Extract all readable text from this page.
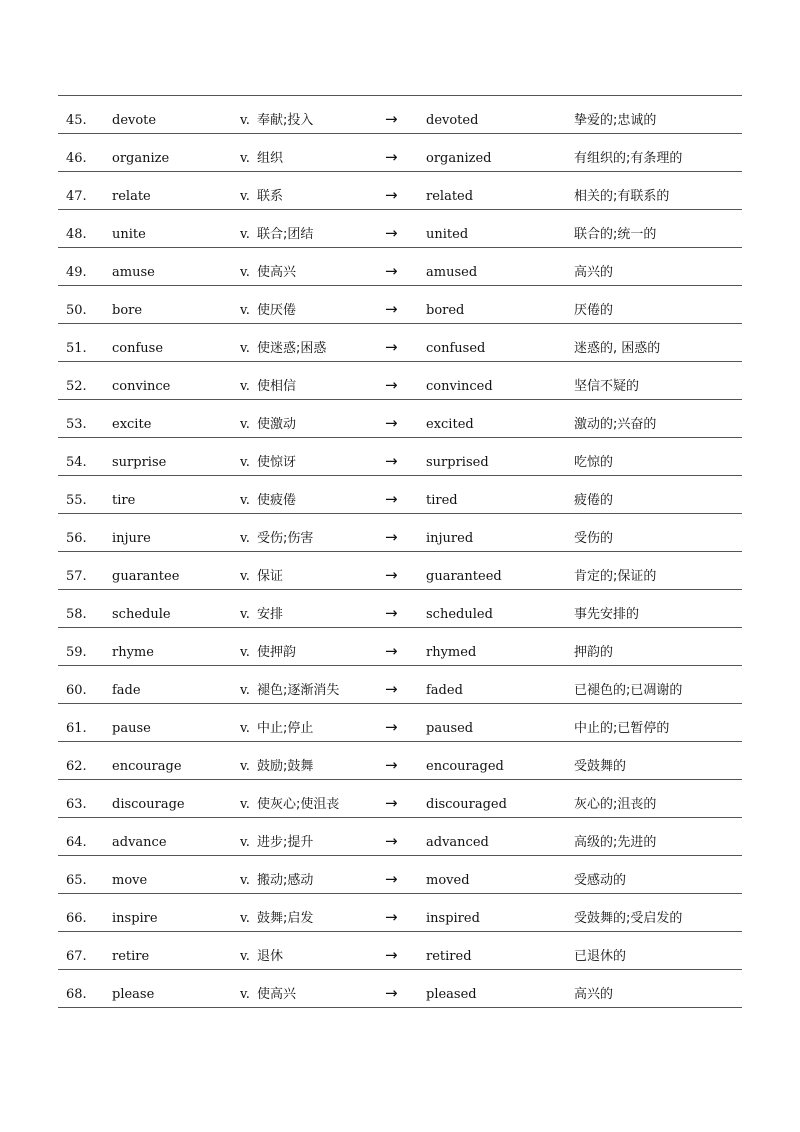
45. devote	v. 奉献;投入	→ devoted	挚爱的;忠诚的
46. organize	v. 组织	→ organized	有组织的;有条理的
47. relate	v. 联系	→ related	相关的;有联系的
48. unite	v. 联合;团结	→ united	联合的;统一的
49. amuse	v. 使高兴	→ amused	高兴的
50. bore	v. 使厌倦	→ bored	厌倦的
51. confuse	v. 使迷惑;困惑	→ confused	迷惑的, 困惑的
52. convince	v. 使相信	→ convinced	坚信不疑的
53. excite	v. 使激动	→ excited	激动的;兴奋的
54. surprise	v. 使惊讶	→ surprised	吃惊的
55. tire	v. 使疲倦	→ tired	疲倦的
56. injure	v. 受伤;伤害	→ injured	受伤的
57. guarantee	v. 保证	→ guaranteed	肯定的;保证的
58. schedule	v. 安排	→ scheduled	事先安排的
59. rhyme	v. 使押韵	→ rhymed	押韵的
60. fade	v. 褪色;逐渐消失	→ faded	已褪色的;已凋谢的
61. pause	v. 中止;停止	→ paused	中止的;已暂停的
62. encourage	v. 鼓励;鼓舞	→ encouraged	受鼓舞的
63. discourage	v. 使灰心;使沮丧	→ discouraged	灰心的;沮丧的
64. advance	v. 进步;提升	→ advanced	高级的;先进的
65. move	v. 搬动;感动	→ moved	受感动的
66. inspire	v. 鼓舞;启发	→ inspired	受鼓舞的;受启发的
67. retire	v. 退休	→ retired	已退休的
68. please	v. 使高兴	→ pleased	高兴的
